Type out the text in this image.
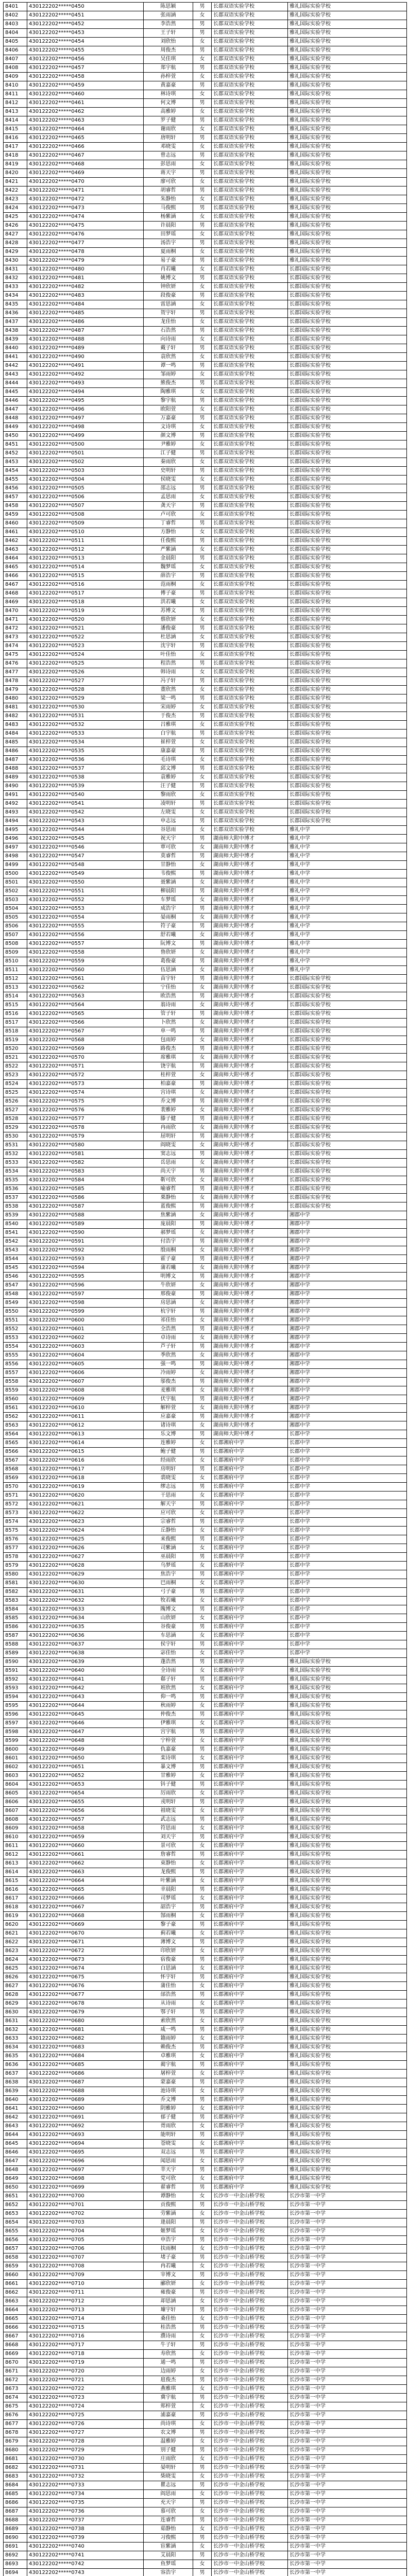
8401	430122202*****0450	陈思颖	男	长郡双语实验学校	雅礼国际实验学校
8402	430122202*****0451	张雨涵	女	长郡双语实验学校	雅礼国际实验学校
8403	430122202*****0452	李浩然	男	长郡双语实验学校	雅礼国际实验学校
8404	430122202*****0453	王子轩	男	长郡双语实验学校	雅礼国际实验学校
8405	430122202*****0454	刘欣怡	女	长郡双语实验学校	雅礼国际实验学校
8406	430122202*****0455	周俊杰	男	长郡双语实验学校	雅礼国际实验学校
8407	430122202*****0456	吴佳琪	女	长郡双语实验学校	雅礼国际实验学校
8408	430122202*****0457	郑宇航	男	长郡双语实验学校	雅礼国际实验学校
8409	430122202*****0458	孙梓萱	女	长郡双语实验学校	雅礼国际实验学校
8410	430122202*****0459	黄嘉豪	男	长郡双语实验学校	雅礼国际实验学校
8411	430122202*****0460	林诗琪	女	长郡双语实验学校	雅礼国际实验学校
8412	430122202*****0461	何文博	男	长郡双语实验学校	雅礼国际实验学校
8413	430122202*****0462	高雅婷	女	长郡双语实验学校	雅礼国际实验学校
8414	430122202*****0463	罗子健	男	长郡双语实验学校	雅礼国际实验学校
8415	430122202*****0464	谢雨欣	女	长郡双语实验学校	雅礼国际实验学校
8416	430122202*****0465	唐明轩	男	长郡双语实验学校	雅礼国际实验学校
8417	430122202*****0466	邓晓雯	女	长郡双语实验学校	雅礼国际实验学校
8418	430122202*****0467	曾志远	男	长郡双语实验学校	雅礼国际实验学校
8419	430122202*****0468	彭思雨	女	长郡双语实验学校	雅礼国际实验学校
8420	430122202*****0469	蒋天宇	男	长郡双语实验学校	雅礼国际实验学校
8421	430122202*****0470	廖可欣	女	长郡双语实验学校	雅礼国际实验学校
8422	430122202*****0471	胡睿哲	男	长郡双语实验学校	雅礼国际实验学校
8423	430122202*****0472	朱静怡	女	长郡双语实验学校	雅礼国际实验学校
8424	430122202*****0473	马俊熙	男	长郡双语实验学校	雅礼国际实验学校
8425	430122202*****0474	杨紫涵	女	长郡双语实验学校	雅礼国际实验学校
8426	430122202*****0475	许晨阳	男	长郡双语实验学校	雅礼国际实验学校
8427	430122202*****0476	田梦瑶	女	长郡双语实验学校	雅礼国际实验学校
8428	430122202*****0477	汤浩宇	男	长郡双语实验学校	雅礼国际实验学校
8429	430122202*****0478	夏雨桐	女	长郡双语实验学校	雅礼国际实验学校
8430	430122202*****0479	易子豪	男	长郡双语实验学校	雅礼国际实验学校
8431	430122202*****0480	肖若曦	女	长郡双语实验学校	长郡国际实验学校
8432	430122202*****0481	姚博文	男	长郡双语实验学校	长郡国际实验学校
8433	430122202*****0482	钟欣妍	女	长郡双语实验学校	长郡国际实验学校
8434	430122202*****0483	段俊豪	男	长郡双语实验学校	长郡国际实验学校
8435	430122202*****0484	雷思涵	女	长郡双语实验学校	长郡国际实验学校
8436	430122202*****0485	贺宇轩	男	长郡双语实验学校	长郡国际实验学校
8437	430122202*****0486	龙佳怡	女	长郡双语实验学校	长郡国际实验学校
8438	430122202*****0487	石浩然	男	长郡双语实验学校	长郡国际实验学校
8439	430122202*****0488	向诗雨	女	长郡双语实验学校	长郡国际实验学校
8440	430122202*****0489	戴子轩	男	长郡双语实验学校	长郡国际实验学校
8441	430122202*****0490	袁欣然	女	长郡双语实验学校	长郡国际实验学校
8442	430122202*****0491	谭一鸣	男	长郡双语实验学校	长郡国际实验学校
8443	430122202*****0492	邹雨婷	女	长郡双语实验学校	长郡国际实验学校
8444	430122202*****0493	熊俊杰	男	长郡双语实验学校	长郡国际实验学校
8445	430122202*****0494	陶雅琪	女	长郡双语实验学校	长郡国际实验学校
8446	430122202*****0495	黎宇航	男	长郡双语实验学校	长郡国际实验学校
8447	430122202*****0496	欧阳萱	女	长郡双语实验学校	长郡国际实验学校
8448	430122202*****0497	万嘉豪	男	长郡双语实验学校	长郡国际实验学校
8449	430122202*****0498	文诗琪	女	长郡双语实验学校	长郡国际实验学校
8450	430122202*****0499	颜文博	男	长郡双语实验学校	长郡国际实验学校
8451	430122202*****0500	尹雅婷	女	长郡双语实验学校	长郡国际实验学校
8452	430122202*****0501	江子健	男	长郡双语实验学校	长郡国际实验学校
8453	430122202*****0502	秦雨欣	女	长郡双语实验学校	长郡国际实验学校
8454	430122202*****0503	史明轩	男	长郡双语实验学校	长郡国际实验学校
8455	430122202*****0504	侯晓雯	女	长郡双语实验学校	长郡国际实验学校
8456	430122202*****0505	邵志远	男	长郡双语实验学校	长郡国际实验学校
8457	430122202*****0506	孟思雨	女	长郡双语实验学校	长郡国际实验学校
8458	430122202*****0507	龚天宇	男	长郡双语实验学校	长郡国际实验学校
8459	430122202*****0508	卢可欣	女	长郡双语实验学校	长郡国际实验学校
8460	430122202*****0509	丁睿哲	男	长郡双语实验学校	长郡国际实验学校
8461	430122202*****0510	方静怡	女	长郡双语实验学校	长郡国际实验学校
8462	430122202*****0511	任俊熙	男	长郡双语实验学校	长郡国际实验学校
8463	430122202*****0512	严紫涵	女	长郡双语实验学校	长郡国际实验学校
8464	430122202*****0513	金晨阳	男	长郡双语实验学校	长郡国际实验学校
8465	430122202*****0514	魏梦瑶	女	长郡双语实验学校	长郡国际实验学校
8466	430122202*****0515	薛浩宇	男	长郡双语实验学校	长郡国际实验学校
8467	430122202*****0516	范雨桐	女	长郡双语实验学校	长郡国际实验学校
8468	430122202*****0517	傅子豪	男	长郡双语实验学校	长郡国际实验学校
8469	430122202*****0518	洪若曦	女	长郡双语实验学校	长郡国际实验学校
8470	430122202*****0519	苏博文	男	长郡双语实验学校	长郡国际实验学校
8471	430122202*****0520	蔡欣妍	女	长郡双语实验学校	长郡国际实验学校
8472	430122202*****0521	潘俊豪	男	长郡双语实验学校	长郡国际实验学校
8473	430122202*****0522	杜思涵	女	长郡双语实验学校	长郡国际实验学校
8474	430122202*****0523	沈宇轩	男	长郡双语实验学校	长郡国际实验学校
8475	430122202*****0524	叶佳怡	女	长郡双语实验学校	长郡国际实验学校
8476	430122202*****0525	程浩然	男	长郡双语实验学校	长郡国际实验学校
8477	430122202*****0526	韩诗雨	女	长郡双语实验学校	长郡国际实验学校
8478	430122202*****0527	冯子轩	男	长郡双语实验学校	长郡国际实验学校
8479	430122202*****0528	董欣然	女	长郡双语实验学校	长郡国际实验学校
8480	430122202*****0529	梁一鸣	男	长郡双语实验学校	长郡国际实验学校
8481	430122202*****0530	宋雨婷	女	长郡双语实验学校	长郡国际实验学校
8482	430122202*****0531	于俊杰	男	长郡双语实验学校	长郡国际实验学校
8483	430122202*****0532	吕雅琪	女	长郡双语实验学校	长郡国际实验学校
8484	430122202*****0533	白宇航	男	长郡双语实验学校	长郡国际实验学校
8485	430122202*****0534	崔梓萱	女	长郡双语实验学校	长郡国际实验学校
8486	430122202*****0535	康嘉豪	男	长郡双语实验学校	长郡国际实验学校
8487	430122202*****0536	毛诗琪	女	长郡双语实验学校	长郡国际实验学校
8488	430122202*****0537	邱文博	男	长郡双语实验学校	长郡国际实验学校
8489	430122202*****0538	袁雅婷	女	长郡双语实验学校	长郡国际实验学校
8490	430122202*****0539	汪子健	男	长郡双语实验学校	长郡国际实验学校
8491	430122202*****0540	黎雨欣	女	长郡双语实验学校	长郡国际实验学校
8492	430122202*****0541	凌明轩	男	长郡双语实验学校	长郡国际实验学校
8493	430122202*****0542	左晓雯	女	长郡双语实验学校	长郡国际实验学校
8494	430122202*****0543	申志远	男	长郡双语实验学校	长郡国际实验学校
8495	430122202*****0544	谷思雨	女	长郡双语实验学校	雅礼中学
8496	430122202*****0545	祝天宇	男	湖南师大附中博才	雅礼中学
8497	430122202*****0546	覃可欣	女	湖南师大附中博才	雅礼中学
8498	430122202*****0547	莫睿哲	男	湖南师大附中博才	雅礼中学
8499	430122202*****0548	甘静怡	女	湖南师大附中博才	雅礼中学
8500	430122202*****0549	韦俊熙	男	湖南师大附中博才	雅礼中学
8501	430122202*****0550	聂紫涵	女	湖南师大附中博才	雅礼中学
8502	430122202*****0551	柳晨阳	男	湖南师大附中博才	雅礼中学
8503	430122202*****0552	车梦瑶	女	湖南师大附中博才	雅礼中学
8504	430122202*****0553	成浩宇	男	湖南师大附中博才	雅礼中学
8505	430122202*****0554	晏雨桐	女	湖南师大附中博才	雅礼中学
8506	430122202*****0555	符子豪	男	湖南师大附中博才	雅礼中学
8507	430122202*****0556	舒若曦	女	湖南师大附中博才	雅礼中学
8508	430122202*****0557	阮博文	男	湖南师大附中博才	雅礼中学
8509	430122202*****0558	鲁欣妍	女	湖南师大附中博才	雅礼中学
8510	430122202*****0559	葛俊豪	男	湖南师大附中博才	雅礼中学
8511	430122202*****0560	伍思涵	女	湖南师大附中博才	雅礼中学
8512	430122202*****0561	苗宇轩	男	湖南师大附中博才	长郡国际实验学校
8513	430122202*****0562	宁佳怡	女	湖南师大附中博才	长郡国际实验学校
8514	430122202*****0563	欧浩然	男	湖南师大附中博才	长郡国际实验学校
8515	430122202*****0564	翁诗雨	女	湖南师大附中博才	长郡国际实验学校
8516	430122202*****0565	管子轩	男	湖南师大附中博才	长郡国际实验学校
8517	430122202*****0566	卜欣然	女	湖南师大附中博才	长郡国际实验学校
8518	430122202*****0567	单一鸣	男	湖南师大附中博才	长郡国际实验学校
8519	430122202*****0568	包雨婷	女	湖南师大附中博才	长郡国际实验学校
8520	430122202*****0569	路俊杰	男	湖南师大附中博才	长郡国际实验学校
8521	430122202*****0570	席雅琪	女	湖南师大附中博才	长郡国际实验学校
8522	430122202*****0571	饶宇航	男	湖南师大附中博才	长郡国际实验学校
8523	430122202*****0572	桂梓萱	女	湖南师大附中博才	长郡国际实验学校
8524	430122202*****0573	柏嘉豪	男	湖南师大附中博才	长郡国际实验学校
8525	430122202*****0574	宫诗琪	女	湖南师大附中博才	长郡国际实验学校
8526	430122202*****0575	乔文博	男	湖南师大附中博才	长郡国际实验学校
8527	430122202*****0576	裴雅婷	女	湖南师大附中博才	长郡国际实验学校
8528	430122202*****0577	滕子健	男	湖南师大附中博才	长郡国际实验学校
8529	430122202*****0578	冉雨欣	女	湖南师大附中博才	长郡国际实验学校
8530	430122202*****0579	屈明轩	男	湖南师大附中博才	长郡国际实验学校
8531	430122202*****0580	阎晓雯	女	湖南师大附中博才	长郡国际实验学校
8532	430122202*****0581	窦志远	男	湖南师大附中博才	长郡国际实验学校
8533	430122202*****0582	岳思雨	女	湖南师大附中博才	长郡国际实验学校
8534	430122202*****0583	尚天宇	男	湖南师大附中博才	长郡国际实验学校
8535	430122202*****0584	靳可欣	女	湖南师大附中博才	长郡国际实验学校
8536	430122202*****0585	喻睿哲	男	湖南师大附中博才	长郡国际实验学校
8537	430122202*****0586	栗静怡	女	湖南师大附中博才	长郡国际实验学校
8538	430122202*****0587	蓝俊熙	男	湖南师大附中博才	长郡国际实验学校
8539	430122202*****0588	焦紫涵	女	湖南师大附中博才	湘郡中学
8540	430122202*****0589	庞晨阳	男	湖南师大附中博才	湘郡中学
8541	430122202*****0590	郝梦瑶	女	湖南师大附中博才	湘郡中学
8542	430122202*****0591	付浩宇	男	湖南师大附中博才	湘郡中学
8543	430122202*****0592	殷雨桐	女	湖南师大附中博才	湘郡中学
8544	430122202*****0593	霍子豪	男	湖南师大附中博才	湘郡中学
8545	430122202*****0594	蒲若曦	女	湖南师大附中博才	湘郡中学
8546	430122202*****0595	明博文	男	湖南师大附中博才	湘郡中学
8547	430122202*****0596	牛欣妍	女	湖南师大附中博才	湘郡中学
8548	430122202*****0597	邢俊豪	男	湖南师大附中博才	湘郡中学
8549	430122202*****0598	房思涵	女	湖南师大附中博才	湘郡中学
8550	430122202*****0599	杭宇轩	男	湖南师大附中博才	湘郡中学
8551	430122202*****0600	祁佳怡	女	湖南师大附中博才	湘郡中学
8552	430122202*****0601	全浩然	男	湖南师大附中博才	湘郡中学
8553	430122202*****0602	卓诗雨	女	湖南师大附中博才	湘郡中学
8554	430122202*****0603	芦子轩	男	湖南师大附中博才	湘郡中学
8555	430122202*****0604	季欣然	女	湖南师大附中博才	湘郡中学
8556	430122202*****0605	强一鸣	男	湖南师大附中博才	湘郡中学
8557	430122202*****0606	冷雨婷	女	湖南师大附中博才	湘郡中学
8558	430122202*****0607	邬俊杰	男	湖南师大附中博才	湘郡中学
8559	430122202*****0608	麦雅琪	女	湖南师大附中博才	湘郡中学
8560	430122202*****0609	伏宇航	男	湖南师大附中博才	湘郡中学
8561	430122202*****0610	解梓萱	女	湖南师大附中博才	湘郡中学
8562	430122202*****0611	应嘉豪	男	湖南师大附中博才	湘郡中学
8563	430122202*****0612	诸诗琪	女	湖南师大附中博才	湘郡中学
8564	430122202*****0613	乐文博	男	湖南师大附中博才	长郡中学
8565	430122202*****0614	连雅婷	女	长郡湘府中学	长郡中学
8566	430122202*****0615	鲍子健	男	长郡湘府中学	长郡中学
8567	430122202*****0616	经雨欣	女	长郡湘府中学	长郡中学
8568	430122202*****0617	房明轩	男	长郡湘府中学	长郡中学
8569	430122202*****0618	裘晓雯	女	长郡湘府中学	长郡中学
8570	430122202*****0619	缪志远	男	长郡湘府中学	长郡中学
8571	430122202*****0620	干思雨	女	长郡湘府中学	长郡中学
8572	430122202*****0621	解天宇	男	长郡湘府中学	长郡中学
8573	430122202*****0622	应可欣	女	长郡湘府中学	长郡中学
8574	430122202*****0623	宗睿哲	男	长郡湘府中学	长郡中学
8575	430122202*****0624	丘静怡	女	长郡湘府中学	长郡中学
8576	430122202*****0625	来俊熙	男	长郡湘府中学	长郡中学
8577	430122202*****0626	司紫涵	女	长郡湘府中学	长郡中学
8578	430122202*****0627	巫晨阳	男	长郡湘府中学	长郡中学
8579	430122202*****0628	乌梦瑶	女	长郡湘府中学	长郡中学
8580	430122202*****0629	焦浩宇	男	长郡湘府中学	长郡中学
8581	430122202*****0630	巴雨桐	女	长郡湘府中学	长郡中学
8582	430122202*****0631	弓子豪	男	长郡湘府中学	长郡中学
8583	430122202*****0632	牧若曦	女	长郡湘府中学	长郡中学
8584	430122202*****0633	隗博文	男	长郡湘府中学	长郡中学
8585	430122202*****0634	山欣妍	女	长郡湘府中学	长郡中学
8586	430122202*****0635	谷俊豪	男	长郡湘府中学	长郡中学
8587	430122202*****0636	车思涵	女	长郡湘府中学	长郡中学
8588	430122202*****0637	侯宇轩	男	长郡湘府中学	长郡中学
8589	430122202*****0638	宓佳怡	女	长郡湘府中学	长郡中学
8590	430122202*****0639	蓬浩然	男	长郡湘府中学	雅礼国际实验学校
8591	430122202*****0640	全诗雨	女	长郡湘府中学	雅礼国际实验学校
8592	430122202*****0641	郗子轩	男	长郡湘府中学	雅礼国际实验学校
8593	430122202*****0642	班欣然	女	长郡湘府中学	雅礼国际实验学校
8594	430122202*****0643	仰一鸣	男	长郡湘府中学	雅礼国际实验学校
8595	430122202*****0644	秋雨婷	女	长郡湘府中学	雅礼国际实验学校
8596	430122202*****0645	仲俊杰	男	长郡湘府中学	雅礼国际实验学校
8597	430122202*****0646	伊雅琪	女	长郡湘府中学	雅礼国际实验学校
8598	430122202*****0647	宫宇航	男	长郡湘府中学	雅礼国际实验学校
8599	430122202*****0648	宁梓萱	女	长郡湘府中学	雅礼国际实验学校
8600	430122202*****0649	仇嘉豪	男	长郡湘府中学	雅礼国际实验学校
8601	430122202*****0650	栾诗琪	女	长郡湘府中学	雅礼国际实验学校
8602	430122202*****0651	暴文博	男	长郡湘府中学	雅礼国际实验学校
8603	430122202*****0652	甘雅婷	女	长郡湘府中学	雅礼国际实验学校
8604	430122202*****0653	钭子健	男	长郡湘府中学	雅礼国际实验学校
8605	430122202*****0654	厉雨欣	女	长郡湘府中学	雅礼国际实验学校
8606	430122202*****0655	戎明轩	男	长郡湘府中学	雅礼国际实验学校
8607	430122202*****0656	祖晓雯	女	长郡湘府中学	雅礼国际实验学校
8608	430122202*****0657	武志远	男	长郡湘府中学	雅礼国际实验学校
8609	430122202*****0658	符思雨	女	长郡湘府中学	雅礼国际实验学校
8610	430122202*****0659	刘天宇	男	长郡湘府中学	雅礼国际实验学校
8611	430122202*****0660	景可欣	女	长郡湘府中学	雅礼国际实验学校
8612	430122202*****0661	詹睿哲	男	长郡湘府中学	雅礼国际实验学校
8613	430122202*****0662	束静怡	女	长郡湘府中学	雅礼国际实验学校
8614	430122202*****0663	龙俊熙	男	长郡湘府中学	雅礼国际实验学校
8615	430122202*****0664	叶紫涵	女	长郡湘府中学	雅礼国际实验学校
8616	430122202*****0665	幸晨阳	男	长郡湘府中学	雅礼国际实验学校
8617	430122202*****0666	司梦瑶	女	长郡湘府中学	雅礼国际实验学校
8618	430122202*****0667	韶浩宇	男	长郡湘府中学	雅礼国际实验学校
8619	430122202*****0668	郜雨桐	女	长郡湘府中学	雅礼国际实验学校
8620	430122202*****0669	黎子豪	男	长郡湘府中学	雅礼国际实验学校
8621	430122202*****0670	蓟若曦	女	长郡湘府中学	雅礼国际实验学校
8622	430122202*****0671	薄博文	男	长郡湘府中学	雅礼国际实验学校
8623	430122202*****0672	印欣妍	女	长郡湘府中学	雅礼国际实验学校
8624	430122202*****0673	宿俊豪	男	长郡湘府中学	雅礼国际实验学校
8625	430122202*****0674	白思涵	女	长郡湘府中学	雅礼国际实验学校
8626	430122202*****0675	怀宇轩	男	长郡湘府中学	雅礼国际实验学校
8627	430122202*****0676	蒲佳怡	女	长郡湘府中学	雅礼国际实验学校
8628	430122202*****0677	邰浩然	男	长郡湘府中学	雅礼国际实验学校
8629	430122202*****0678	从诗雨	女	长郡湘府中学	雅礼国际实验学校
8630	430122202*****0679	鄂子轩	男	长郡湘府中学	雅礼国际实验学校
8631	430122202*****0680	索欣然	女	长郡湘府中学	雅礼国际实验学校
8632	430122202*****0681	咸一鸣	男	长郡湘府中学	雅礼国际实验学校
8633	430122202*****0682	籍雨婷	女	长郡湘府中学	雅礼国际实验学校
8634	430122202*****0683	赖俊杰	男	长郡湘府中学	雅礼国际实验学校
8635	430122202*****0684	卓雅琪	女	长郡湘府中学	雅礼国际实验学校
8636	430122202*****0685	蔺宇航	男	长郡湘府中学	雅礼国际实验学校
8637	430122202*****0686	屠梓萱	女	长郡湘府中学	雅礼国际实验学校
8638	430122202*****0687	蒙嘉豪	男	长郡湘府中学	雅礼国际实验学校
8639	430122202*****0688	池诗琪	女	长郡湘府中学	雅礼国际实验学校
8640	430122202*****0689	乔文博	男	长郡湘府中学	雅礼国际实验学校
8641	430122202*****0690	阴雅婷	女	长郡湘府中学	雅礼国际实验学校
8642	430122202*****0691	郁子健	男	长郡湘府中学	雅礼国际实验学校
8643	430122202*****0692	胥雨欣	女	长郡湘府中学	雅礼国际实验学校
8644	430122202*****0693	能明轩	男	长郡湘府中学	雅礼国际实验学校
8645	430122202*****0694	苍晓雯	女	长郡湘府中学	雅礼国际实验学校
8646	430122202*****0695	双志远	男	长郡湘府中学	雅礼国际实验学校
8647	430122202*****0696	闻思雨	女	长郡湘府中学	雅礼国际实验学校
8648	430122202*****0697	莘天宇	男	长郡湘府中学	雅礼国际实验学校
8649	430122202*****0698	党可欣	女	长郡湘府中学	雅礼国际实验学校
8650	430122202*****0699	翟睿哲	男	长郡湘府中学	雅礼国际实验学校
8651	430122202*****0700	谭静怡	女	长沙市一中金山桥学校	长沙市第一中学
8652	430122202*****0701	贡俊熙	男	长沙市一中金山桥学校	长沙市第一中学
8653	430122202*****0702	劳紫涵	女	长沙市一中金山桥学校	长沙市第一中学
8654	430122202*****0703	逄晨阳	男	长沙市一中金山桥学校	长沙市第一中学
8655	430122202*****0704	姬梦瑶	女	长沙市一中金山桥学校	长沙市第一中学
8656	430122202*****0705	申浩宇	男	长沙市一中金山桥学校	长沙市第一中学
8657	430122202*****0706	扶雨桐	女	长沙市一中金山桥学校	长沙市第一中学
8658	430122202*****0707	堵子豪	男	长沙市一中金山桥学校	长沙市第一中学
8659	430122202*****0708	冉若曦	女	长沙市一中金山桥学校	长沙市第一中学
8660	430122202*****0709	宰博文	男	长沙市一中金山桥学校	长沙市第一中学
8661	430122202*****0710	郦欣妍	女	长沙市一中金山桥学校	长沙市第一中学
8662	430122202*****0711	雍俊豪	男	长沙市一中金山桥学校	长沙市第一中学
8663	430122202*****0712	却思涵	女	长沙市一中金山桥学校	长沙市第一中学
8664	430122202*****0713	璩宇轩	男	长沙市一中金山桥学校	长沙市第一中学
8665	430122202*****0714	桑佳怡	女	长沙市一中金山桥学校	长沙市第一中学
8666	430122202*****0715	桂浩然	男	长沙市一中金山桥学校	长沙市第一中学
8667	430122202*****0716	濮诗雨	女	长沙市一中金山桥学校	长沙市第一中学
8668	430122202*****0717	牛子轩	男	长沙市一中金山桥学校	长沙市第一中学
8669	430122202*****0718	寿欣然	女	长沙市一中金山桥学校	长沙市第一中学
8670	430122202*****0719	通一鸣	男	长沙市一中金山桥学校	长沙市第一中学
8671	430122202*****0720	边雨婷	女	长沙市一中金山桥学校	长沙市第一中学
8672	430122202*****0721	扈俊杰	男	长沙市一中金山桥学校	长沙市第一中学
8673	430122202*****0722	燕雅琪	女	长沙市一中金山桥学校	长沙市第一中学
8674	430122202*****0723	冀宇航	男	长沙市一中金山桥学校	长沙市第一中学
8675	430122202*****0724	郏梓萱	女	长沙市一中金山桥学校	长沙市第一中学
8676	430122202*****0725	浦嘉豪	男	长沙市一中金山桥学校	长沙市第一中学
8677	430122202*****0726	尚诗琪	女	长沙市一中金山桥学校	长沙市第一中学
8678	430122202*****0727	农文博	男	长沙市一中金山桥学校	长沙市第一中学
8679	430122202*****0728	温雅婷	女	长沙市一中金山桥学校	长沙市第一中学
8680	430122202*****0729	别子健	男	长沙市一中金山桥学校	长沙市第一中学
8681	430122202*****0730	庄雨欣	女	长沙市一中金山桥学校	长沙市第一中学
8682	430122202*****0731	晏明轩	男	长沙市一中金山桥学校	长沙市第一中学
8683	430122202*****0732	柴晓雯	女	长沙市一中金山桥学校	长沙市第一中学
8684	430122202*****0733	瞿志远	男	长沙市一中金山桥学校	长沙市第一中学
8685	430122202*****0734	阎思雨	女	长沙市一中金山桥学校	长沙市第一中学
8686	430122202*****0735	充天宇	男	长沙市一中金山桥学校	长沙市第一中学
8687	430122202*****0736	慕可欣	女	长沙市一中金山桥学校	长沙市第一中学
8688	430122202*****0737	连睿哲	男	长沙市一中金山桥学校	长沙市第一中学
8689	430122202*****0738	茹静怡	女	长沙市一中金山桥学校	长沙市第一中学
8690	430122202*****0739	习俊熙	男	长沙市一中金山桥学校	长沙市第一中学
8691	430122202*****0740	宦紫涵	女	长沙市一中金山桥学校	长沙市第一中学
8692	430122202*****0741	艾晨阳	男	长沙市一中金山桥学校	长沙市第一中学
8693	430122202*****0742	鱼梦瑶	女	长沙市一中金山桥学校	长沙市第一中学
8694	430122202*****0743	容浩宇	男	长沙市一中金山桥学校	长沙市第一中学
